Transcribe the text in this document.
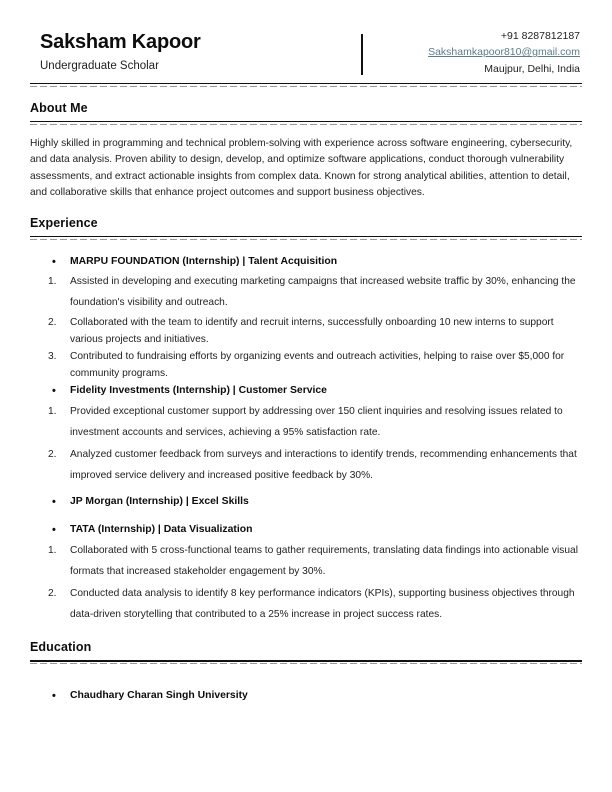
Saksham Kapoor
Undergraduate Scholar
+91 8287812187
Sakshamkapoor810@gmail.com
Maujpur, Delhi, India
About Me
Highly skilled in programming and technical problem-solving with experience across software engineering, cybersecurity, and data analysis. Proven ability to design, develop, and optimize software applications, conduct thorough vulnerability assessments, and extract actionable insights from complex data. Known for strong analytical abilities, attention to detail, and collaborative skills that enhance project outcomes and support business objectives.
Experience
• MARPU FOUNDATION (Internship) | Talent Acquisition
1.	Assisted in developing and executing marketing campaigns that increased website traffic by 30%, enhancing the foundation's visibility and outreach.
2.	Collaborated with the team to identify and recruit interns, successfully onboarding 10 new interns to support various projects and initiatives.
3.	Contributed to fundraising efforts by organizing events and outreach activities, helping to raise over $5,000 for community programs.
• Fidelity Investments (Internship) | Customer Service
1.	Provided exceptional customer support by addressing over 150 client inquiries and resolving issues related to investment accounts and services, achieving a 95% satisfaction rate.
2.	Analyzed customer feedback from surveys and interactions to identify trends, recommending enhancements that improved service delivery and increased positive feedback by 30%.
• JP Morgan (Internship) | Excel Skills
• TATA (Internship) | Data Visualization
1.	Collaborated with 5 cross-functional teams to gather requirements, translating data findings into actionable visual formats that increased stakeholder engagement by 30%.
2.	Conducted data analysis to identify 8 key performance indicators (KPIs), supporting business objectives through data-driven storytelling that contributed to a 25% increase in project success rates.
Education
• Chaudhary Charan Singh University
